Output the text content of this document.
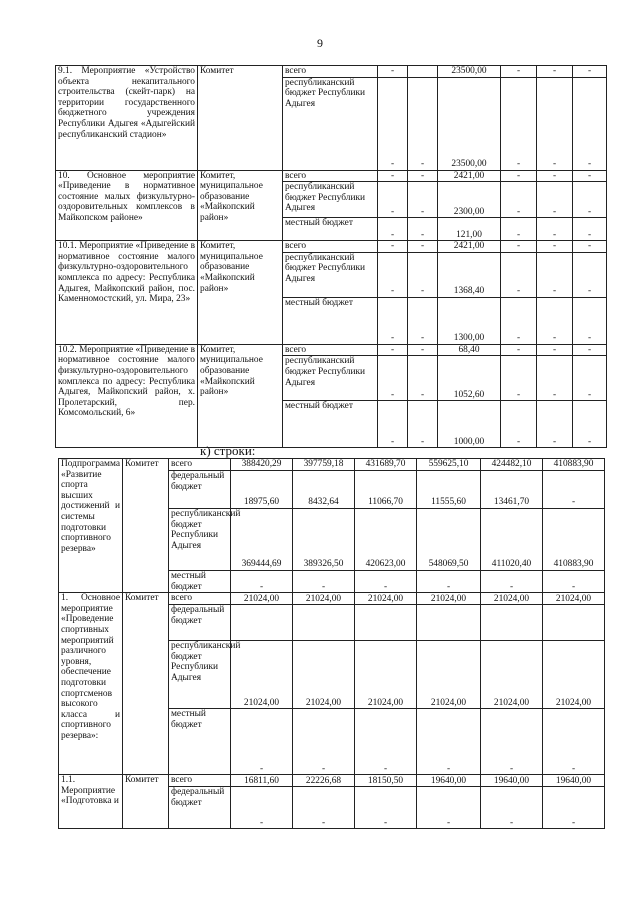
9
9.1. Мероприятие «Устройство объекта некапитального строительства (скейт-парк) на территории государственного бюджетного учреждения Республики Адыгея «Адыгейский республиканский стадион»	Комитет	всего	-		23500,00	-	-	-
		республиканский бюджет Республики Адыгея	-	-	23500,00	-	-	-
10. Основное мероприятие «Приведение в нормативное состояние малых физкультурно-оздоровительных комплексов в Майкопском районе»	Комитет, муниципальное образование «Майкопский район»	всего	-	-	2421,00	-	-	-
		республиканский бюджет Республики Адыгея	-	-	2300,00	-	-	-
		местный бюджет	-	-	121,00	-	-	-
10.1. Мероприятие «Приведение в нормативное состояние малого физкультурно-оздоровительного комплекса по адресу: Республика Адыгея, Майкопский район, пос. Каменномостский, ул. Мира, 23»	Комитет, муниципальное образование «Майкопский район»	всего	-	-	2421,00	-	-	-
		республиканский бюджет Республики Адыгея	-	-	1368,40	-	-	-
		местный бюджет	-	-	1300,00	-	-	-
10.2. Мероприятие «Приведение в нормативное состояние малого физкультурно-оздоровительного комплекса по адресу: Республика Адыгея, Майкопский район, х. Пролетарский, пер. Комсомольский, 6»	Комитет, муниципальное образование «Майкопский район»	всего	-	-	68,40	-	-	-
		республиканский бюджет Республики Адыгея	-	-	1052,60	-	-	-
		местный бюджет	-	-	1000,00	-	-	-
к) строки:
Подпрограмма «Развитие спорта высших достижений и системы подготовки спортивного резерва»	Комитет	всего	388420,29	397759,18	431689,70	559625,10	424482,10	410883,90
		федеральный бюджет	18975,60	8432,64	11066,70	11555,60	13461,70	-
		республиканский бюджет Республики Адыгея	369444,69	389326,50	420623,00	548069,50	411020,40	410883,90
		местный бюджет	-	-	-	-	-	-
1. Основное мероприятие «Проведение спортивных мероприятий различного уровня, обеспечение подготовки спортсменов высокого класса и спортивного резерва»:	Комитет	всего	21024,00	21024,00	21024,00	21024,00	21024,00	21024,00
		федеральный бюджет						
		республиканский бюджет Республики Адыгея	21024,00	21024,00	21024,00	21024,00	21024,00	21024,00
		местный бюджет	-	-	-	-	-	-
1.1. Мероприятие «Подготовка и	Комитет	всего	16811,60	22226,68	18150,50	19640,00	19640,00	19640,00
		федеральный бюджет	-	-	-	-	-	-
